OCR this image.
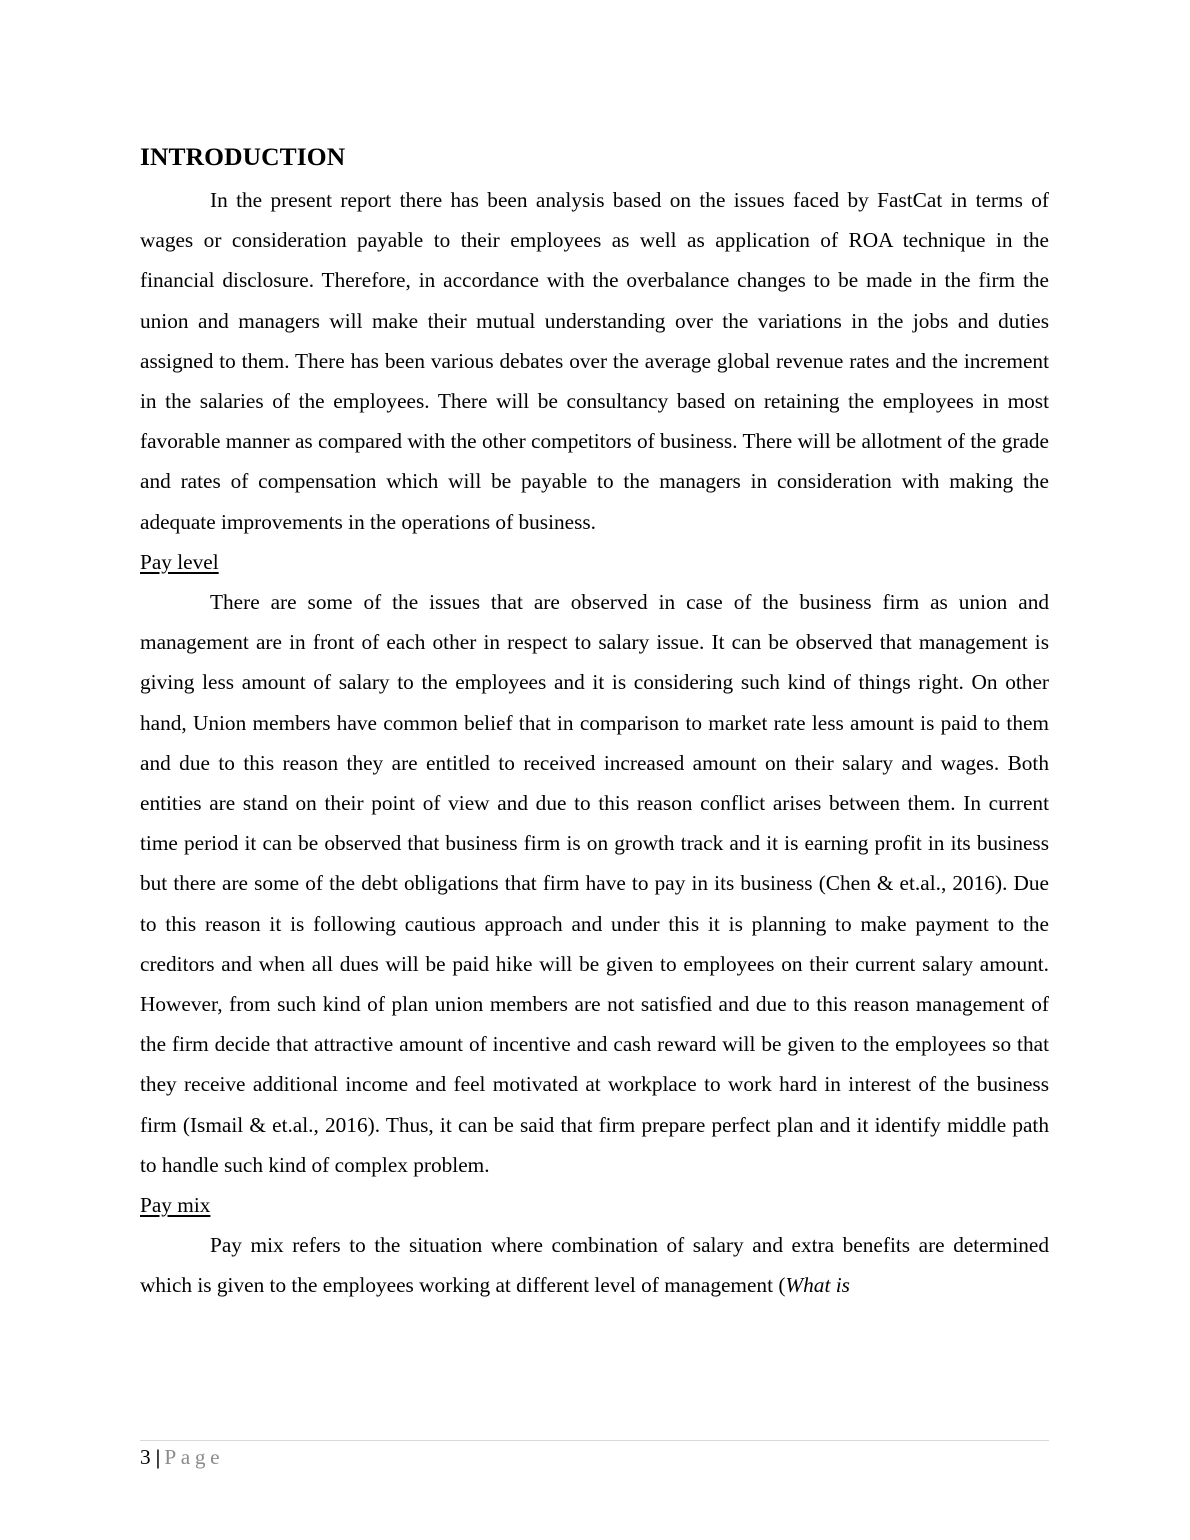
INTRODUCTION

In the present report there has been analysis based on the issues faced by FastCat in terms of wages or consideration payable to their employees as well as application of ROA technique in the financial disclosure. Therefore, in accordance with the overbalance changes to be made in the firm the union and managers will make their mutual understanding over the variations in the jobs and duties assigned to them. There has been various debates over the average global revenue rates and the increment in the salaries of the employees. There will be consultancy based on retaining the employees in most favorable manner as compared with the other competitors of business. There will be allotment of the grade and rates of compensation which will be payable to the managers in consideration with making the adequate improvements in the operations of business.

Pay level

There are some of the issues that are observed in case of the business firm as union and management are in front of each other in respect to salary issue. It can be observed that management is giving less amount of salary to the employees and it is considering such kind of things right. On other hand, Union members have common belief that in comparison to market rate less amount is paid to them and due to this reason they are entitled to received increased amount on their salary and wages. Both entities are stand on their point of view and due to this reason conflict arises between them. In current time period it can be observed that business firm is on growth track and it is earning profit in its business but there are some of the debt obligations that firm have to pay in its business (Chen & et.al., 2016). Due to this reason it is following cautious approach and under this it is planning to make payment to the creditors and when all dues will be paid hike will be given to employees on their current salary amount. However, from such kind of plan union members are not satisfied and due to this reason management of the firm decide that attractive amount of incentive and cash reward will be given to the employees so that they receive additional income and feel motivated at workplace to work hard in interest of the business firm (Ismail & et.al., 2016). Thus, it can be said that firm prepare perfect plan and it identify middle path to handle such kind of complex problem.

Pay mix

Pay mix refers to the situation where combination of salary and extra benefits are determined which is given to the employees working at different level of management (What is

3 | Page
